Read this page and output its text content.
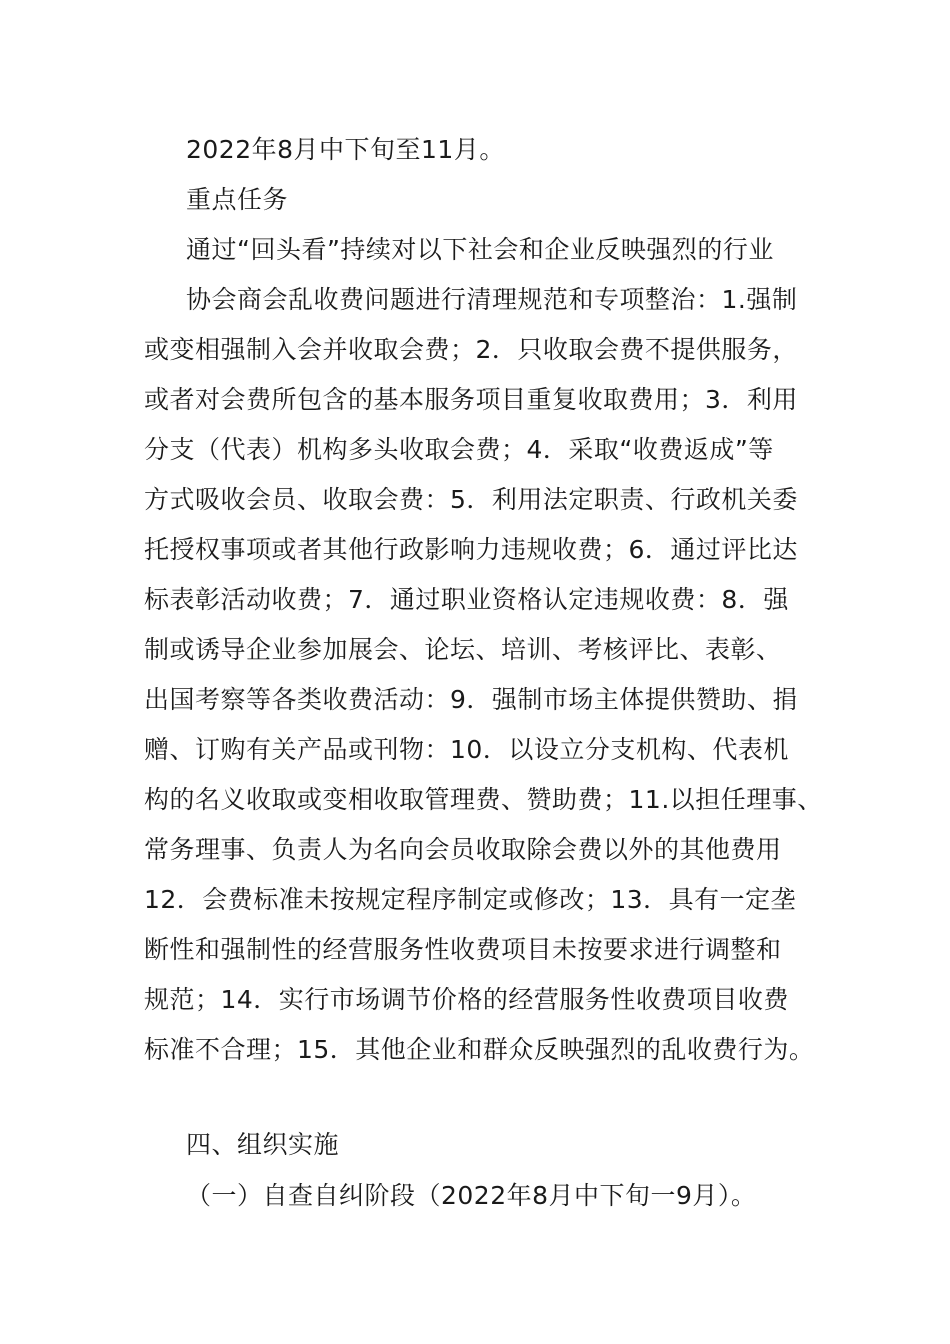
2022年8月中下旬至11月。
重点任务
通过“回头看”持续对以下社会和企业反映强烈的行业
协会商会乱收费问题进行清理规范和专项整治：1.强制
或变相强制入会并收取会费；2．只收取会费不提供服务，
或者对会费所包含的基本服务项目重复收取费用；3．利用
分支（代表）机构多头收取会费；4．采取“收费返成”等
方式吸收会员、收取会费：5．利用法定职责、行政机关委
托授权事项或者其他行政影响力违规收费；6．通过评比达
标表彰活动收费；7．通过职业资格认定违规收费：8．强
制或诱导企业参加展会、论坛、培训、考核评比、表彰、
出国考察等各类收费活动：9．强制市场主体提供赞助、捐
赠、订购有关产品或刊物：10．以设立分支机构、代表机
构的名义收取或变相收取管理费、赞助费；11.以担任理事、
常务理事、负责人为名向会员收取除会费以外的其他费用
12．会费标准未按规定程序制定或修改；13．具有一定垄
断性和强制性的经营服务性收费项目未按要求进行调整和
规范；14．实行市场调节价格的经营服务性收费项目收费
标准不合理；15．其他企业和群众反映强烈的乱收费行为。
四、组织实施
（一）自查自纠阶段（2022年8月中下旬一9月）。
